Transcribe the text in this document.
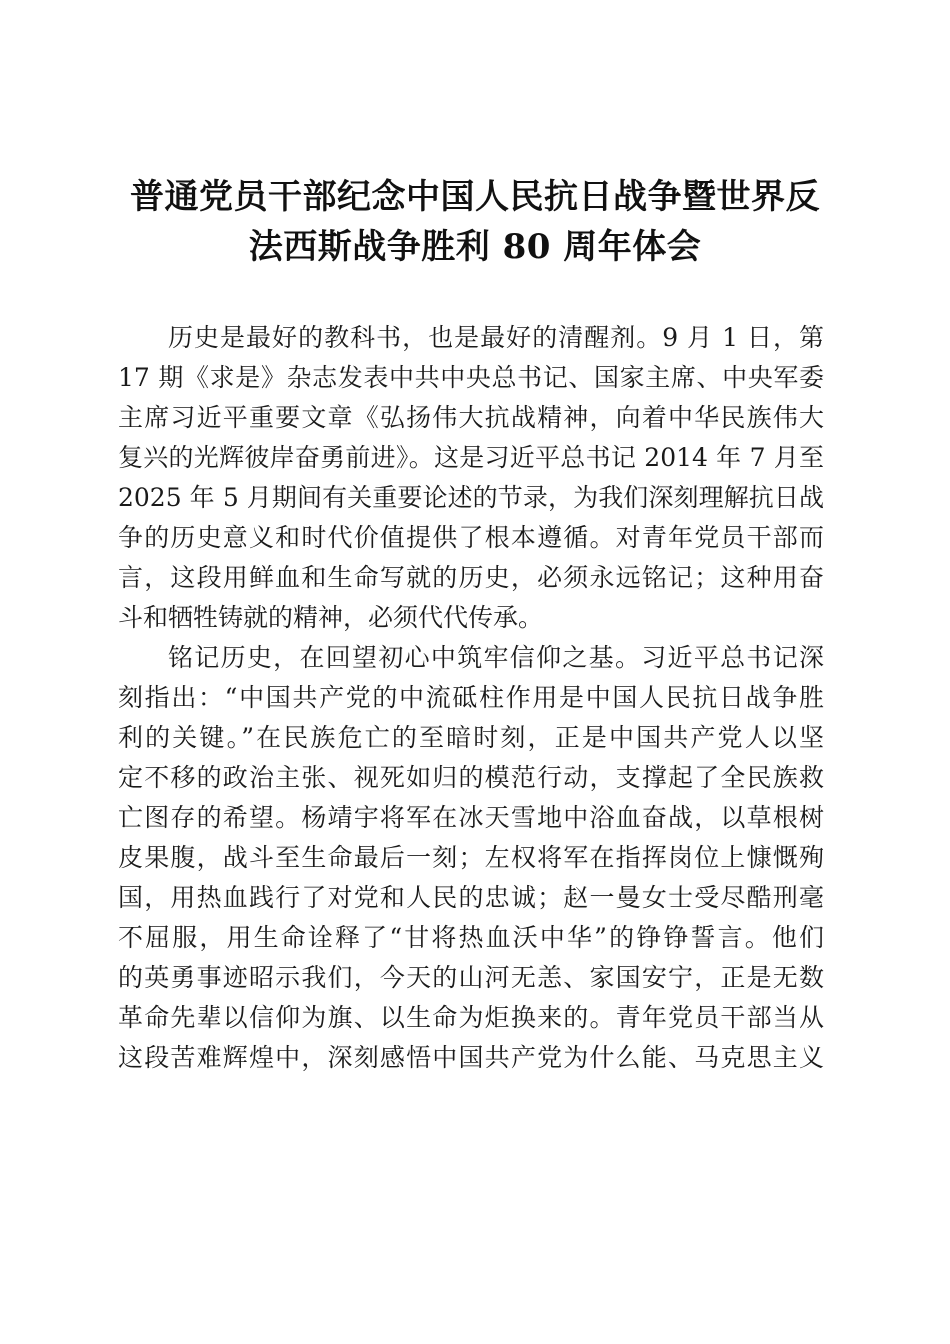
普通党员干部纪念中国人民抗日战争暨世界反
法西斯战争胜利 80 周年体会
历史是最好的教科书，也是最好的清醒剂。9 月 1 日，第
17 期《求是》杂志发表中共中央总书记、国家主席、中央军委
主席习近平重要文章《弘扬伟大抗战精神，向着中华民族伟大
复兴的光辉彼岸奋勇前进》。这是习近平总书记 2014 年 7 月至
2025 年 5 月期间有关重要论述的节录，为我们深刻理解抗日战
争的历史意义和时代价值提供了根本遵循。对青年党员干部而
言，这段用鲜血和生命写就的历史，必须永远铭记；这种用奋
斗和牺牲铸就的精神，必须代代传承。
铭记历史，在回望初心中筑牢信仰之基。习近平总书记深
刻指出：“中国共产党的中流砥柱作用是中国人民抗日战争胜
利的关键。”在民族危亡的至暗时刻，正是中国共产党人以坚
定不移的政治主张、视死如归的模范行动，支撑起了全民族救
亡图存的希望。杨靖宇将军在冰天雪地中浴血奋战，以草根树
皮果腹，战斗至生命最后一刻；左权将军在指挥岗位上慷慨殉
国，用热血践行了对党和人民的忠诚；赵一曼女士受尽酷刑毫
不屈服，用生命诠释了“甘将热血沃中华”的铮铮誓言。他们
的英勇事迹昭示我们，今天的山河无恙、家国安宁，正是无数
革命先辈以信仰为旗、以生命为炬换来的。青年党员干部当从
这段苦难辉煌中，深刻感悟中国共产党为什么能、马克思主义
